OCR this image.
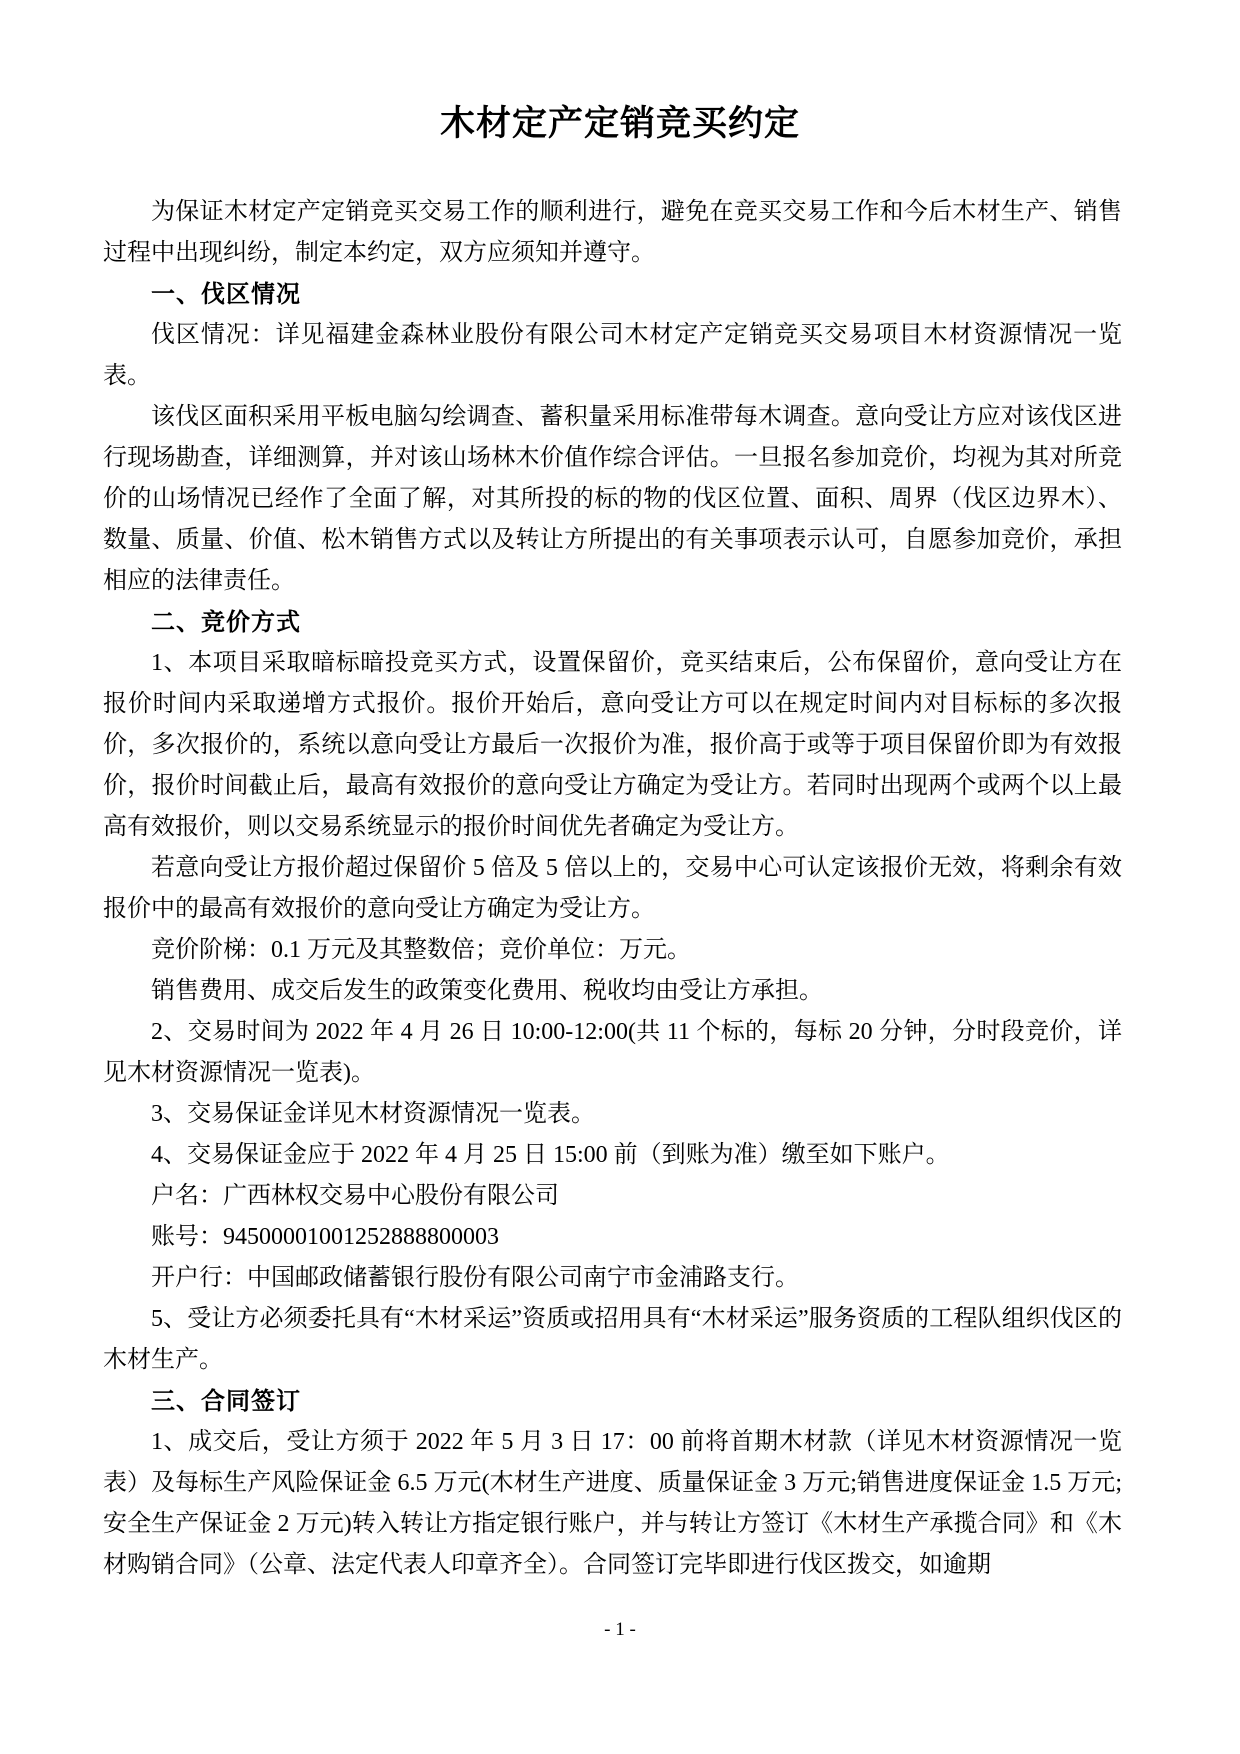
木材定产定销竞买约定

为保证木材定产定销竞买交易工作的顺利进行，避免在竞买交易工作和今后木材生产、销售过程中出现纠纷，制定本约定，双方应须知并遵守。

一、伐区情况

伐区情况：详见福建金森林业股份有限公司木材定产定销竞买交易项目木材资源情况一览表。

该伐区面积采用平板电脑勾绘调查、蓄积量采用标准带每木调查。意向受让方应对该伐区进行现场勘查，详细测算，并对该山场林木价值作综合评估。一旦报名参加竞价，均视为其对所竞价的山场情况已经作了全面了解，对其所投的标的物的伐区位置、面积、周界（伐区边界木）、数量、质量、价值、松木销售方式以及转让方所提出的有关事项表示认可，自愿参加竞价，承担相应的法律责任。

二、竞价方式

1、本项目采取暗标暗投竞买方式，设置保留价，竞买结束后，公布保留价，意向受让方在报价时间内采取递增方式报价。报价开始后，意向受让方可以在规定时间内对目标标的多次报价，多次报价的，系统以意向受让方最后一次报价为准，报价高于或等于项目保留价即为有效报价，报价时间截止后，最高有效报价的意向受让方确定为受让方。若同时出现两个或两个以上最高有效报价，则以交易系统显示的报价时间优先者确定为受让方。

若意向受让方报价超过保留价 5 倍及 5 倍以上的，交易中心可认定该报价无效，将剩余有效报价中的最高有效报价的意向受让方确定为受让方。

竞价阶梯：0.1 万元及其整数倍；竞价单位：万元。

销售费用、成交后发生的政策变化费用、税收均由受让方承担。

2、交易时间为 2022 年 4 月 26 日 10:00-12:00(共 11 个标的，每标 20 分钟，分时段竞价，详见木材资源情况一览表)。

3、交易保证金详见木材资源情况一览表。

4、交易保证金应于 2022 年 4 月 25 日 15:00 前（到账为准）缴至如下账户。

户名：广西林权交易中心股份有限公司

账号：94500001001252888800003

开户行：中国邮政储蓄银行股份有限公司南宁市金浦路支行。

5、受让方必须委托具有“木材采运”资质或招用具有“木材采运”服务资质的工程队组织伐区的木材生产。

三、合同签订

1、成交后，受让方须于 2022 年 5 月 3 日 17：00 前将首期木材款（详见木材资源情况一览表）及每标生产风险保证金 6.5 万元(木材生产进度、质量保证金 3 万元;销售进度保证金 1.5 万元;安全生产保证金 2 万元)转入转让方指定银行账户，并与转让方签订《木材生产承揽合同》和《木材购销合同》（公章、法定代表人印章齐全）。合同签订完毕即进行伐区拨交，如逾期

- 1 -
